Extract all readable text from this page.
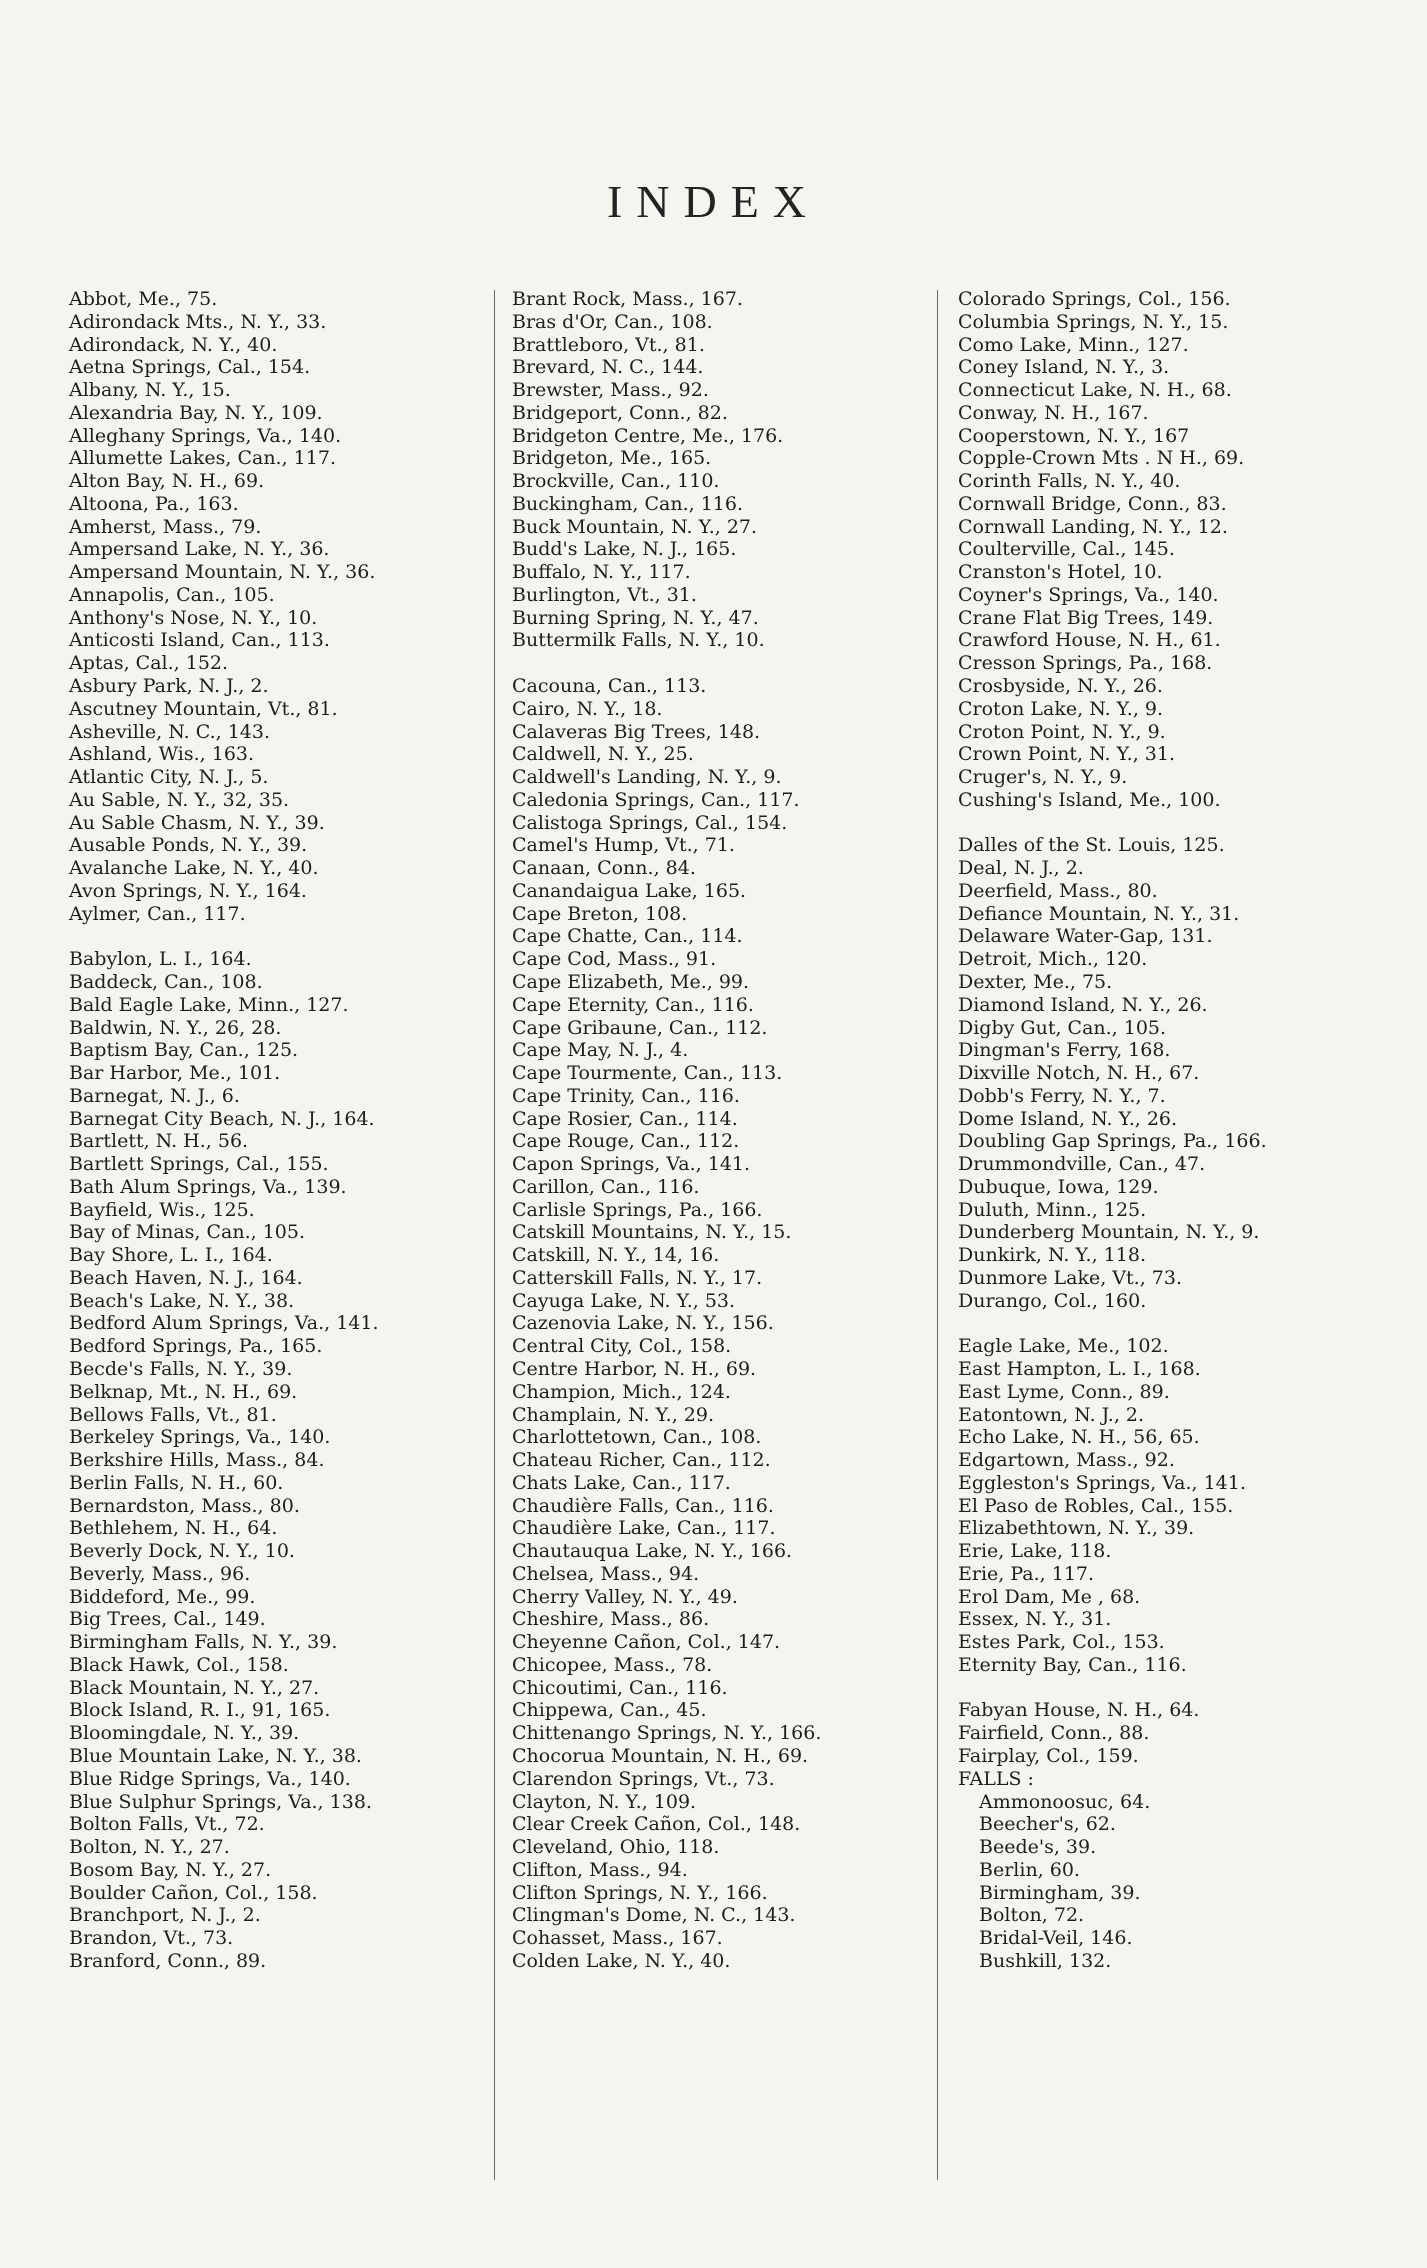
INDEX
Abbot, Me., 75.
Adirondack Mts., N. Y., 33.
Adirondack, N. Y., 40.
Aetna Springs, Cal., 154.
Albany, N. Y., 15.
Alexandria Bay, N. Y., 109.
Alleghany Springs, Va., 140.
Allumette Lakes, Can., 117.
Alton Bay, N. H., 69.
Altoona, Pa., 163.
Amherst, Mass., 79.
Ampersand Lake, N. Y., 36.
Ampersand Mountain, N. Y., 36.
Annapolis, Can., 105.
Anthony's Nose, N. Y., 10.
Anticosti Island, Can., 113.
Aptas, Cal., 152.
Asbury Park, N. J., 2.
Ascutney Mountain, Vt., 81.
Asheville, N. C., 143.
Ashland, Wis., 163.
Atlantic City, N. J., 5.
Au Sable, N. Y., 32, 35.
Au Sable Chasm, N. Y., 39.
Ausable Ponds, N. Y., 39.
Avalanche Lake, N. Y., 40.
Avon Springs, N. Y., 164.
Aylmer, Can., 117.
Babylon, L. I., 164.
Baddeck, Can., 108.
Bald Eagle Lake, Minn., 127.
Baldwin, N. Y., 26, 28.
Baptism Bay, Can., 125.
Bar Harbor, Me., 101.
Barnegat, N. J., 6.
Barnegat City Beach, N. J., 164.
Bartlett, N. H., 56.
Bartlett Springs, Cal., 155.
Bath Alum Springs, Va., 139.
Bayfield, Wis., 125.
Bay of Minas, Can., 105.
Bay Shore, L. I., 164.
Beach Haven, N. J., 164.
Beach's Lake, N. Y., 38.
Bedford Alum Springs, Va., 141.
Bedford Springs, Pa., 165.
Becde's Falls, N. Y., 39.
Belknap, Mt., N. H., 69.
Bellows Falls, Vt., 81.
Berkeley Springs, Va., 140.
Berkshire Hills, Mass., 84.
Berlin Falls, N. H., 60.
Bernardston, Mass., 80.
Bethlehem, N. H., 64.
Beverly Dock, N. Y., 10.
Beverly, Mass., 96.
Biddeford, Me., 99.
Big Trees, Cal., 149.
Birmingham Falls, N. Y., 39.
Black Hawk, Col., 158.
Black Mountain, N. Y., 27.
Block Island, R. I., 91, 165.
Bloomingdale, N. Y., 39.
Blue Mountain Lake, N. Y., 38.
Blue Ridge Springs, Va., 140.
Blue Sulphur Springs, Va., 138.
Bolton Falls, Vt., 72.
Bolton, N. Y., 27.
Bosom Bay, N. Y., 27.
Boulder Cañon, Col., 158.
Branchport, N. J., 2.
Brandon, Vt., 73.
Branford, Conn., 89.
Brant Rock, Mass., 167.
Bras d'Or, Can., 108.
Brattleboro, Vt., 81.
Brevard, N. C., 144.
Brewster, Mass., 92.
Bridgeport, Conn., 82.
Bridgeton Centre, Me., 176.
Bridgeton, Me., 165.
Brockville, Can., 110.
Buckingham, Can., 116.
Buck Mountain, N. Y., 27.
Budd's Lake, N. J., 165.
Buffalo, N. Y., 117.
Burlington, Vt., 31.
Burning Spring, N. Y., 47.
Buttermilk Falls, N. Y., 10.
Cacouna, Can., 113.
Cairo, N. Y., 18.
Calaveras Big Trees, 148.
Caldwell, N. Y., 25.
Caldwell's Landing, N. Y., 9.
Caledonia Springs, Can., 117.
Calistoga Springs, Cal., 154.
Camel's Hump, Vt., 71.
Canaan, Conn., 84.
Canandaigua Lake, 165.
Cape Breton, 108.
Cape Chatte, Can., 114.
Cape Cod, Mass., 91.
Cape Elizabeth, Me., 99.
Cape Eternity, Can., 116.
Cape Gribaune, Can., 112.
Cape May, N. J., 4.
Cape Tourmente, Can., 113.
Cape Trinity, Can., 116.
Cape Rosier, Can., 114.
Cape Rouge, Can., 112.
Capon Springs, Va., 141.
Carillon, Can., 116.
Carlisle Springs, Pa., 166.
Catskill Mountains, N. Y., 15.
Catskill, N. Y., 14, 16.
Catterskill Falls, N. Y., 17.
Cayuga Lake, N. Y., 53.
Cazenovia Lake, N. Y., 156.
Central City, Col., 158.
Centre Harbor, N. H., 69.
Champion, Mich., 124.
Champlain, N. Y., 29.
Charlottetown, Can., 108.
Chateau Richer, Can., 112.
Chats Lake, Can., 117.
Chaudière Falls, Can., 116.
Chaudière Lake, Can., 117.
Chautauqua Lake, N. Y., 166.
Chelsea, Mass., 94.
Cherry Valley, N. Y., 49.
Cheshire, Mass., 86.
Cheyenne Cañon, Col., 147.
Chicopee, Mass., 78.
Chicoutimi, Can., 116.
Chippewa, Can., 45.
Chittenango Springs, N. Y., 166.
Chocorua Mountain, N. H., 69.
Clarendon Springs, Vt., 73.
Clayton, N. Y., 109.
Clear Creek Cañon, Col., 148.
Cleveland, Ohio, 118.
Clifton, Mass., 94.
Clifton Springs, N. Y., 166.
Clingman's Dome, N. C., 143.
Cohasset, Mass., 167.
Colden Lake, N. Y., 40.
Colorado Springs, Col., 156.
Columbia Springs, N. Y., 15.
Como Lake, Minn., 127.
Coney Island, N. Y., 3.
Connecticut Lake, N. H., 68.
Conway, N. H., 167.
Cooperstown, N. Y., 167
Copple-Crown Mts . N H., 69.
Corinth Falls, N. Y., 40.
Cornwall Bridge, Conn., 83.
Cornwall Landing, N. Y., 12.
Coulterville, Cal., 145.
Cranston's Hotel, 10.
Coyner's Springs, Va., 140.
Crane Flat Big Trees, 149.
Crawford House, N. H., 61.
Cresson Springs, Pa., 168.
Crosbyside, N. Y., 26.
Croton Lake, N. Y., 9.
Croton Point, N. Y., 9.
Crown Point, N. Y., 31.
Cruger's, N. Y., 9.
Cushing's Island, Me., 100.
Dalles of the St. Louis, 125.
Deal, N. J., 2.
Deerfield, Mass., 80.
Defiance Mountain, N. Y., 31.
Delaware Water-Gap, 131.
Detroit, Mich., 120.
Dexter, Me., 75.
Diamond Island, N. Y., 26.
Digby Gut, Can., 105.
Dingman's Ferry, 168.
Dixville Notch, N. H., 67.
Dobb's Ferry, N. Y., 7.
Dome Island, N. Y., 26.
Doubling Gap Springs, Pa., 166.
Drummondville, Can., 47.
Dubuque, Iowa, 129.
Duluth, Minn., 125.
Dunderberg Mountain, N. Y., 9.
Dunkirk, N. Y., 118.
Dunmore Lake, Vt., 73.
Durango, Col., 160.
Eagle Lake, Me., 102.
East Hampton, L. I., 168.
East Lyme, Conn., 89.
Eatontown, N. J., 2.
Echo Lake, N. H., 56, 65.
Edgartown, Mass., 92.
Eggleston's Springs, Va., 141.
El Paso de Robles, Cal., 155.
Elizabethtown, N. Y., 39.
Erie, Lake, 118.
Erie, Pa., 117.
Erol Dam, Me , 68.
Essex, N. Y., 31.
Estes Park, Col., 153.
Eternity Bay, Can., 116.
Fabyan House, N. H., 64.
Fairfield, Conn., 88.
Fairplay, Col., 159.
FALLS :
Ammonoosuc, 64.
Beecher's, 62.
Beede's, 39.
Berlin, 60.
Birmingham, 39.
Bolton, 72.
Bridal-Veil, 146.
Bushkill, 132.
